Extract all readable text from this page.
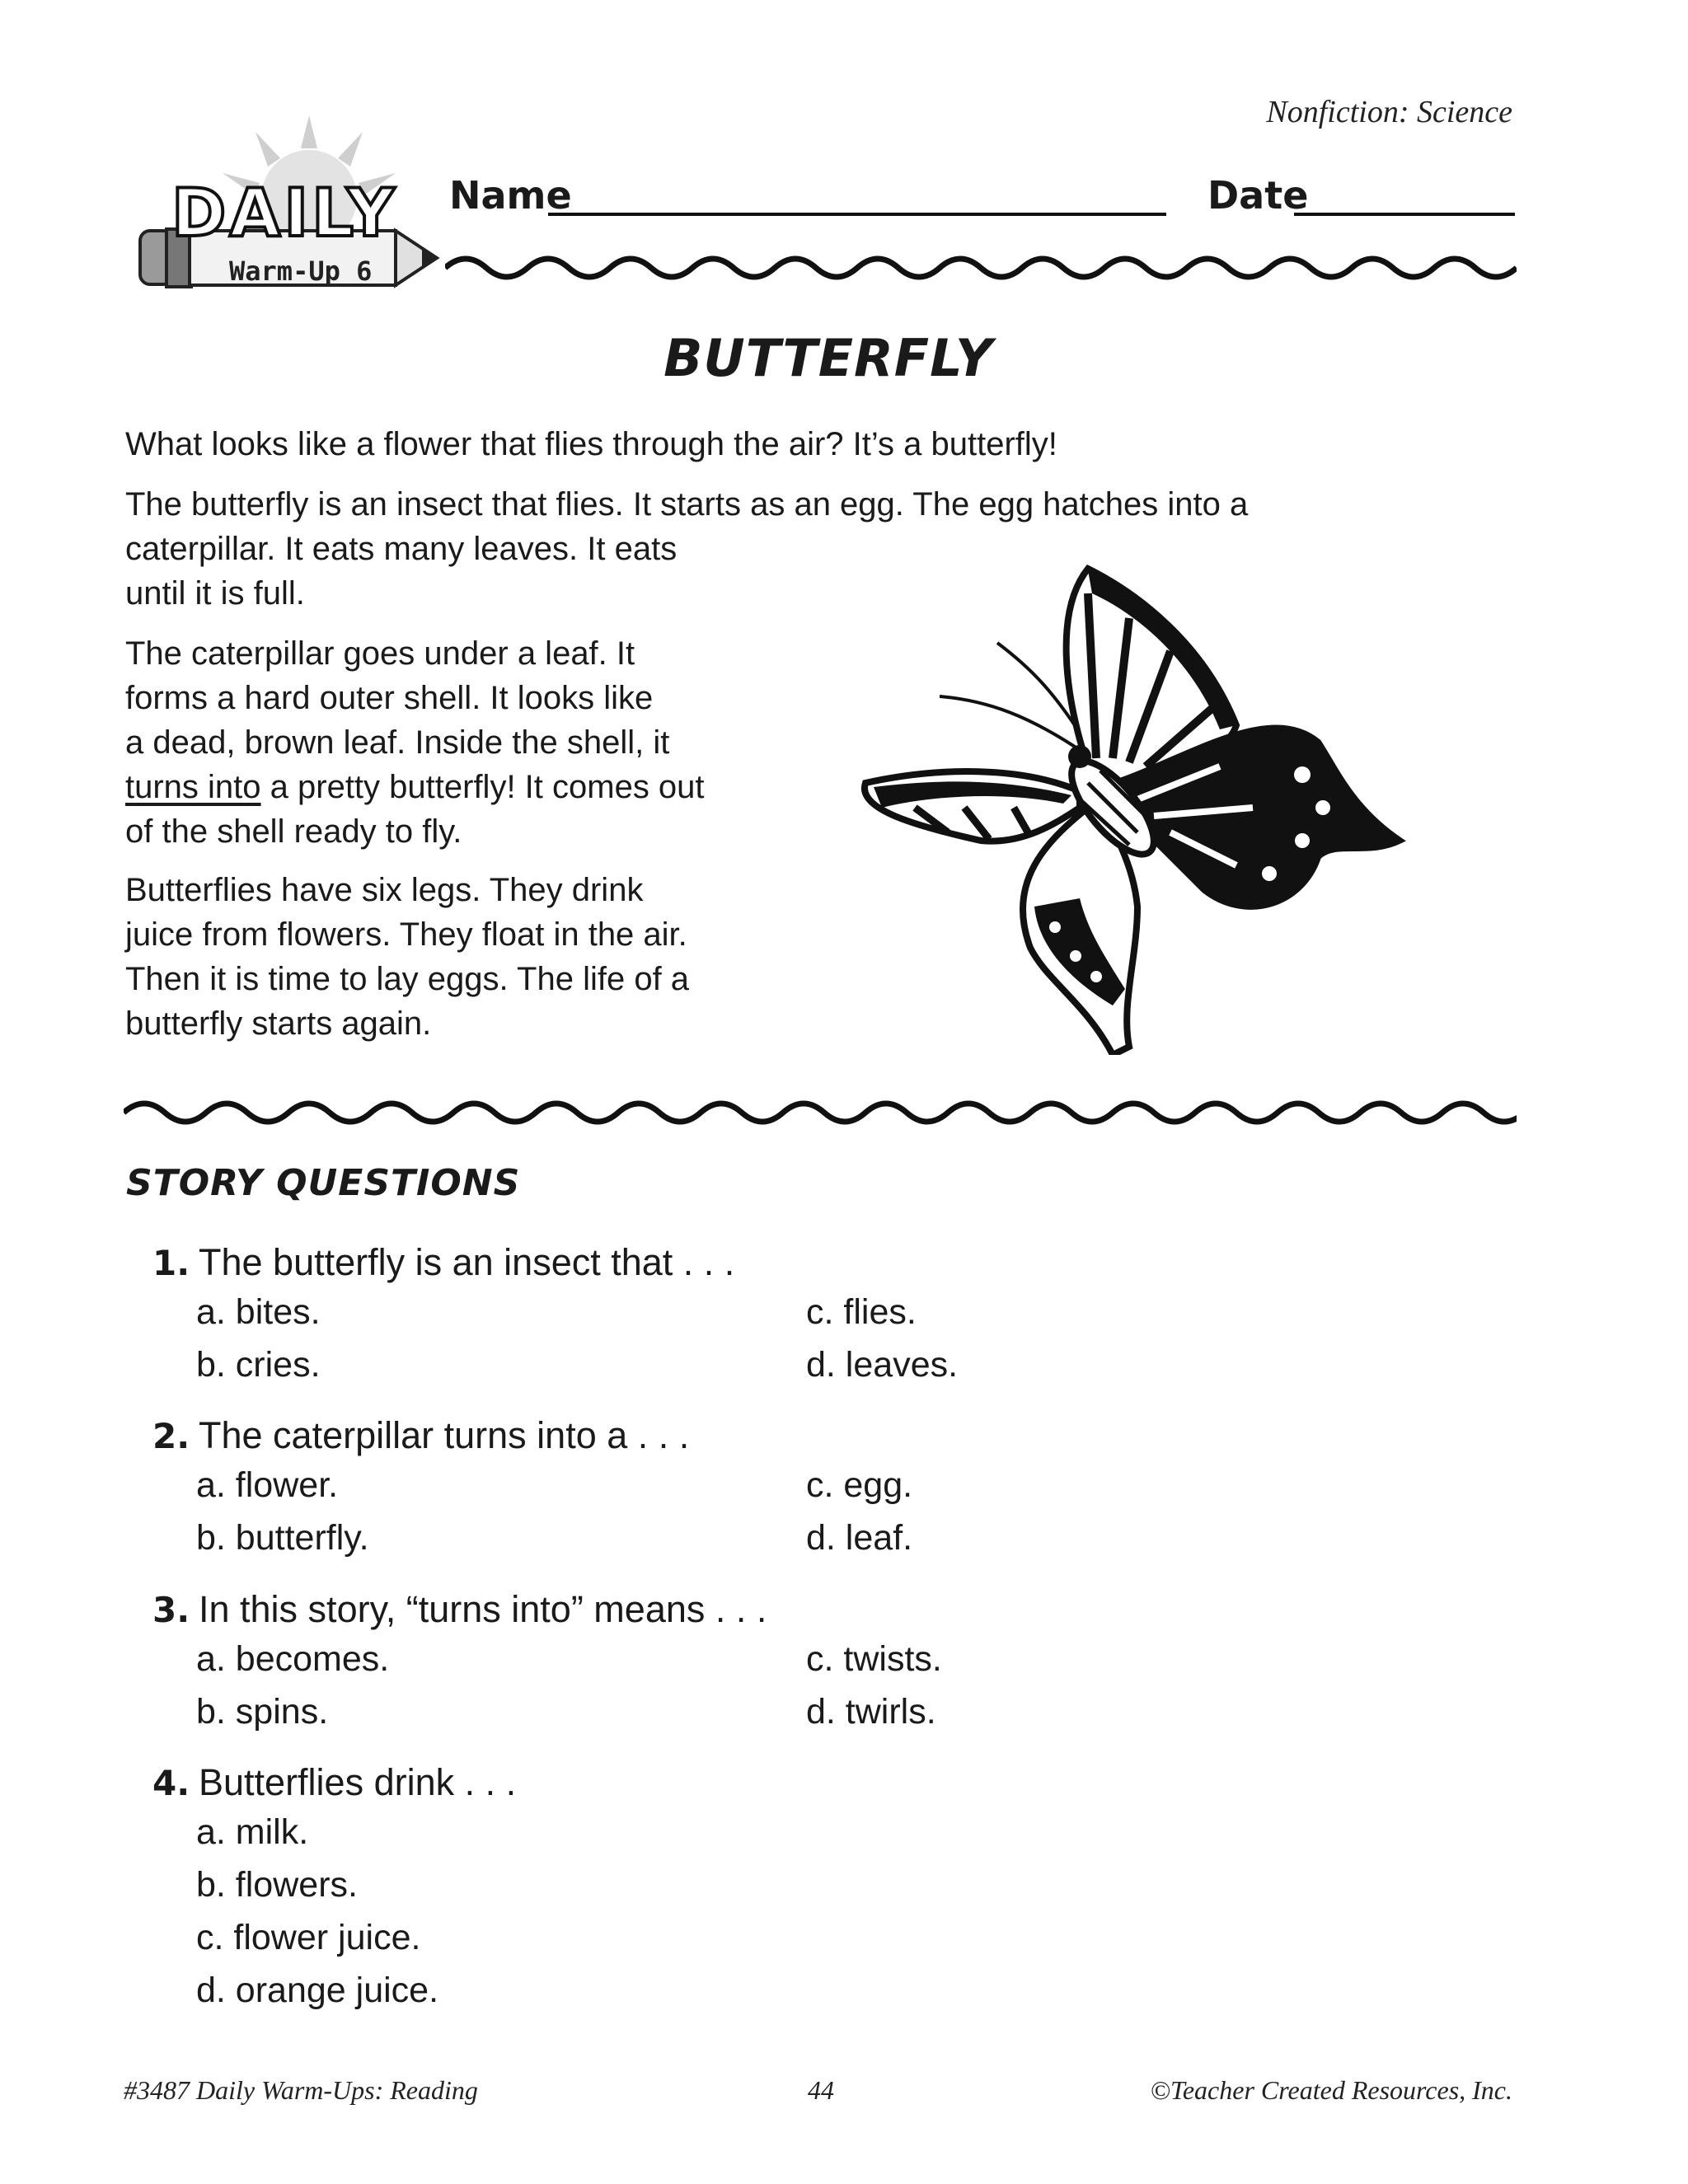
Nonfiction: Science
DAILY
Warm-Up 6
Name	Date
BUTTERFLY
What looks like a flower that flies through the air? It’s a butterfly!
The butterfly is an insect that flies. It starts as an egg. The egg hatches into a
caterpillar. It eats many leaves. It eats
until it is full.
The caterpillar goes under a leaf. It
forms a hard outer shell. It looks like
a dead, brown leaf. Inside the shell, it
turns into a pretty butterfly! It comes out
of the shell ready to fly.
Butterflies have six legs. They drink
juice from flowers. They float in the air.
Then it is time to lay eggs. The life of a
butterfly starts again.
STORY QUESTIONS
1. The butterfly is an insect that . . .
a. bites.
b. cries.
c. flies.
d. leaves.
2. The caterpillar turns into a . . .
a. flower.
b. butterfly.
c. egg.
d. leaf.
3. In this story, “turns into” means . . .
a. becomes.
b. spins.
c. twists.
d. twirls.
4. Butterflies drink . . .
a. milk.
b. flowers.
c. flower juice.
d. orange juice.
#3487 Daily Warm-Ups: Reading	44	©Teacher Created Resources, Inc.
